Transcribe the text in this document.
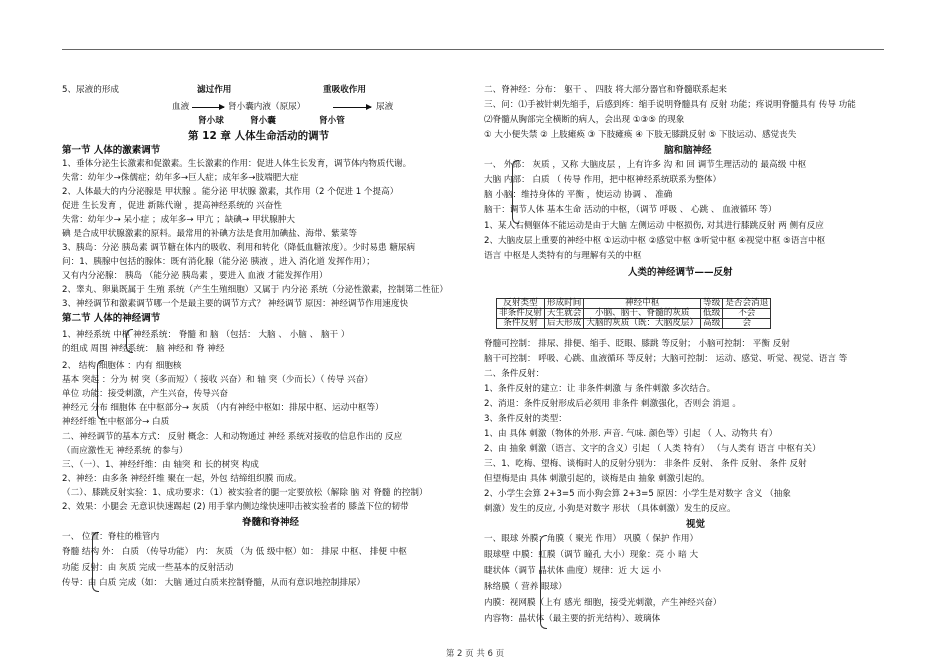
5、尿液的形成	滤过作用	重吸收作用
血液	肾小囊内液（原尿）	尿液
肾小球	肾小囊	肾小管
第 12 章 人体生命活动的调节
第一节 人体的激素调节
1、垂体分泌生长激素和促激素。生长激素的作用：促进人体生长发育，调节体内物质代谢。
失常：幼年少→侏儒症；幼年多→巨人症；成年多→肢端肥大症
2、人体最大的内分泌腺是 甲状腺 。能分泌 甲状腺 激素，其作用（2 个促进 1 个提高）
促进 生长发育 ，促进 新陈代谢 ，提高神经系统的 兴奋性
失常：幼年少→ 呆小症 ；成年多→ 甲亢 ；缺碘→ 甲状腺肿大
碘 是合成甲状腺激素的原料。最常用的补碘方法是食用加碘盐、海带、紫菜等
3、胰岛：分泌 胰岛素 调节糖在体内的吸收、利用和转化（降低血糖浓度）。少时易患 糖尿病
问：1、胰腺中包括的腺体：既有消化腺（能分泌 胰液 ，进入 消化道 发挥作用）；
又有内分泌腺： 胰岛 （能分泌 胰岛素 ，要进入 血液 才能发挥作用）
2、睾丸、卵巢既属于 生殖 系统（产生生殖细胞）又属于 内分泌 系统（分泌性激素，控制第二性征）
3、神经调节和激素调节哪一个是最主要的调节方式？ 神经调节 原因：神经调节作用速度快
第二节 人体的神经调节
1、神经系统 中枢 神经系统： 脊髓 和 脑 （包括： 大脑 、 小脑 、 脑干 ）
的组成 周围 神经系统： 脑 神经和 脊 神经
2、 结构 细胞体 ：内有 细胞核
基本 突起 ：分为 树 突（多而短）（ 接收 兴奋）和 轴 突（少而长）（ 传导 兴奋）
单位 功能：接受刺激，产生兴奋，传导兴奋
神经元 分布 细胞体 在中枢部分→ 灰质 （内有神经中枢如：排尿中枢、运动中枢等）
神经纤维 在中枢部分→ 白质
二、神经调节的基本方式： 反射 概念：人和动物通过 神经 系统对接收的信息作出的 反应
（而应激性无 神经系统 的参与）
三、（一）、1、神经纤维：由 轴突 和 长的树突 构成
2、神经：由多条 神经纤维 聚在一起，外包 结缔组织膜 而成。
（二）、膝跳反射实验：1、成功要求：（1）被实验者的腿一定要放松（解除 脑 对 脊髓 的控制）
2、效果：小腿会 无意识快速踢起 (2) 用手掌内侧边缘快速叩击被实验者的 膝盖下位的韧带
脊髓和脊神经
一、 位置：脊柱的椎管内
脊髓 结构 外： 白质 （传导功能） 内： 灰质 （为 低 级中枢）如： 排尿 中枢、 排便 中枢
功能 反射：由 灰质 完成一些基本的反射活动
传导：由 白质 完成（如： 大脑 通过白质来控制脊髓，从而有意识地控制排尿）
二、脊神经：分布： 躯干 、 四肢 将大部分器官和脊髓联系起来
三、问：⑴手被针刺先缩手，后感到疼：缩手说明脊髓具有 反射 功能；疼说明脊髓具有 传导 功能
⑵脊髓从胸部完全横断的病人，会出现 ①③⑤ 的现象
① 大小便失禁 ② 上肢瘫痪 ③ 下肢瘫痪 ④ 下肢无膝跳反射 ⑤ 下肢运动、感觉丧失
脑和脑神经
一、 外部： 灰质 ，又称 大脑皮层 ，上有许多 沟 和 回 调节生理活动的 最高级 中枢
大脑 内部： 白质 （ 传导 作用，把中枢神经系统联系为整体）
脑 小脑：维持身体的 平衡 ，使运动 协调 、 准确
脑干：调节人体 基本生命 活动的中枢，（调节 呼吸 、 心跳 、 血液循环 等）
1、某人右侧躯体不能运动是由于大脑 左侧运动 中枢损伤, 对其进行膝跳反射 两 侧有反应
2、大脑皮层上重要的神经中枢 ①运动中枢 ②感觉中枢 ③听觉中枢 ④视觉中枢 ⑤语言中枢
语言 中枢是人类特有的与理解有关的中枢
人类的神经调节——反射
反射类型	形成时间	神经中枢	等级	是否会消退
非条件反射	天生就会	小脑、脑干、脊髓的灰质	低级	不会
条件反射	后天形成	大脑的灰质（既：大脑皮层）	高级	会
脊髓可控制： 排尿、排便、缩手、眨眼、膝跳 等反射； 小脑可控制： 平衡 反射
脑干可控制： 呼吸、心跳、血液循环 等反射；大脑可控制： 运动、感觉、听觉、视觉、语言 等
二、条件反射：
1、条件反射的建立：让 非条件刺激 与 条件刺激 多次结合。
2、消退：条件反射形成后必须用 非条件 刺激强化，否则会 消退 。
3、条件反射的类型：
1、由 具体 刺激（物体的外形. 声音. 气味. 颜色等）引起 （ 人、动物共 有）
2、由 抽象 刺激（语言、文字的含义）引起 （ 人类 特有） （与人类有 语言 中枢有关）
三、1、吃梅、望梅、谈梅时人的反射分别为： 非条件 反射、 条件 反射、 条件 反射
但望梅是由 具体 刺激引起的，谈梅是由 抽象 刺激引起的。
2、小学生会算 2+3=5 而小狗会算 2+3=5 原因：小学生是对数字 含义 （抽象
刺激）发生的反应, 小狗是对数字 形状 （具体刺激）发生的反应。
视觉
一、眼球 外膜：角膜（ 聚光 作用） 巩膜（ 保护 作用）
眼球壁 中膜：虹膜（调节 瞳孔 大小）现象：亮 小 暗 大
睫状体（调节 晶状体 曲度）规律：近 大 远 小
脉络膜（ 营养 眼球）
内膜：视网膜（上有 感光 细胞，接受光刺激，产生神经兴奋）
内容物：晶状体（最主要的折光结构）、玻璃体
第 2 页 共 6 页
